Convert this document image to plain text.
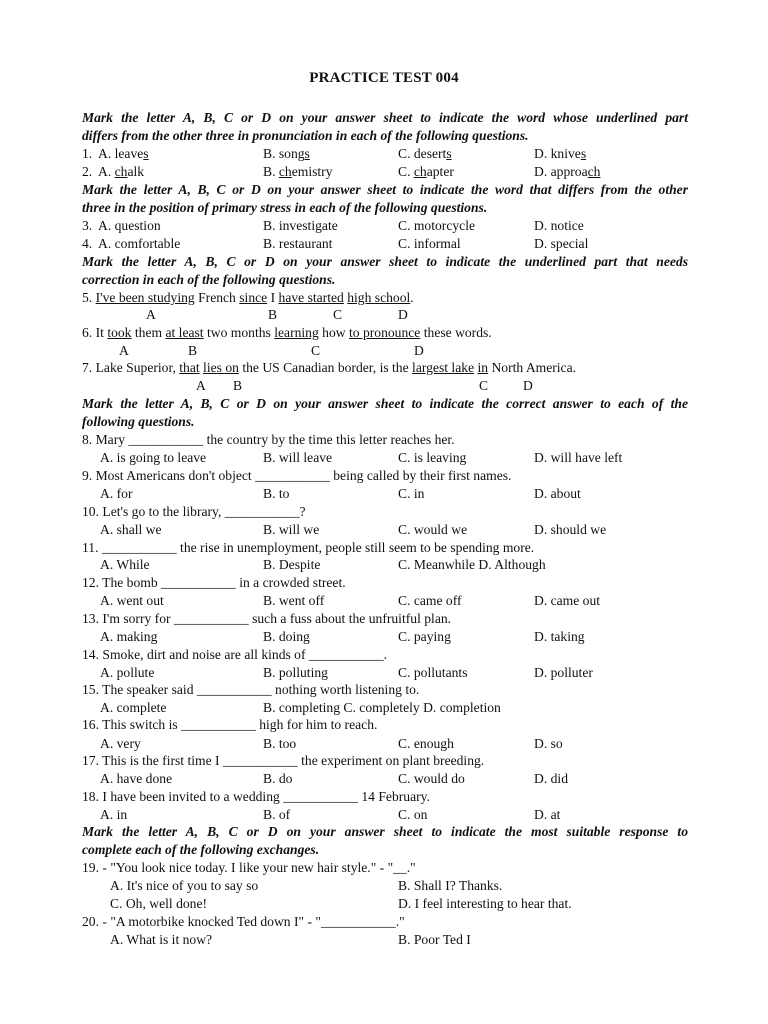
PRACTICE TEST 004
Mark the letter A, B, C or D on your answer sheet to indicate the word whose underlined part
differs from the other three in pronunciation in each of the following questions.
1. A. leaves	B. songs	C. deserts	D. knives
2. A. chalk	B. chemistry	C. chapter	D. approach
Mark the letter A, B, C or D on your answer sheet to indicate the word that differs from the other
three in the position of primary stress in each of the following questions.
3. A. question	B. investigate	C. motorcycle	D. notice
4. A. comfortable	B. restaurant	C. informal	D. special
Mark the letter A, B, C or D on your answer sheet to indicate the underlined part that needs
correction in each of the following questions.
5. I've been studying French since I have started high school.
A	B	C	D
6. It took them at least two months learning how to pronounce these words.
A	B	C	D
7. Lake Superior, that lies on the US Canadian border, is the largest lake in North America.
A B	C	D
Mark the letter A, B, C or D on your answer sheet to indicate the correct answer to each of the
following questions.
8. Mary ___________ the country by the time this letter reaches her.
A. is going to leave	B. will leave	C. is leaving	D. will have left
9. Most Americans don't object ___________ being called by their first names.
A. for	B. to	C. in	D. about
10. Let's go to the library, ___________?
A. shall we	B. will we	C. would we	D. should we
11. ___________ the rise in unemployment, people still seem to be spending more.
A. While	B. Despite	C. Meanwhile D. Although
12. The bomb ___________ in a crowded street.
A. went out	B. went off	C. came off	D. came out
13. I'm sorry for ___________ such a fuss about the unfruitful plan.
A. making	B. doing	C. paying	D. taking
14. Smoke, dirt and noise are all kinds of ___________.
A. pollute	B. polluting	C. pollutants	D. polluter
15. The speaker said ___________ nothing worth listening to.
A. complete	B. completing C. completely D. completion
16. This switch is ___________ high for him to reach.
A. very	B. too	C. enough	D. so
17. This is the first time I ___________ the experiment on plant breeding.
A. have done	B. do	C. would do	D. did
18. I have been invited to a wedding ___________ 14 February.
A. in	B. of	C. on	D. at
Mark the letter A, B, C or D on your answer sheet to indicate the most suitable response to
complete each of the following exchanges.
19. - "You look nice today. I like your new hair style." - "__."
A. It's nice of you to say so	B. Shall I? Thanks.
C. Oh, well done!	D. I feel interesting to hear that.
20. - "A motorbike knocked Ted down I" - "___________."
A. What is it now?	B. Poor Ted I
